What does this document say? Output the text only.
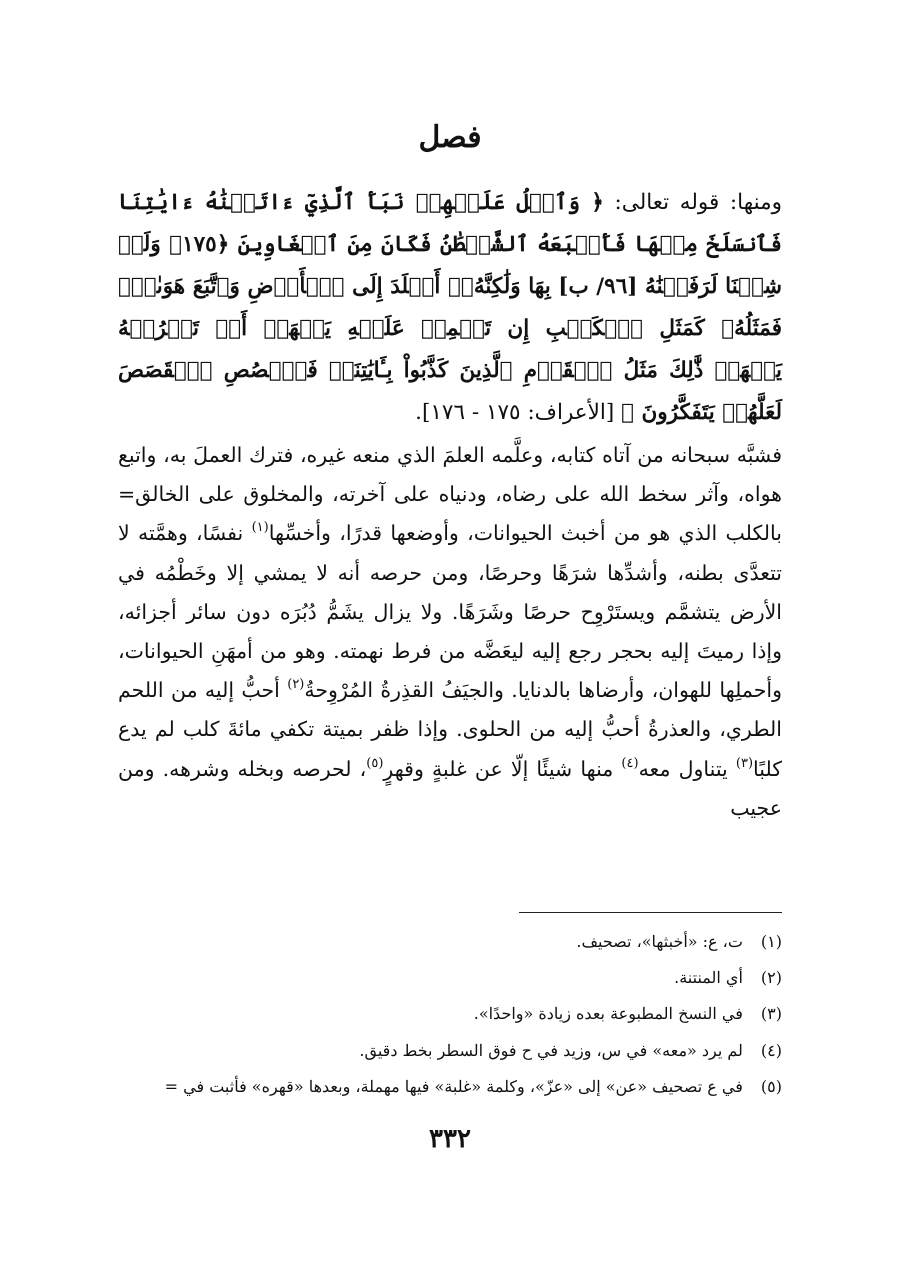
فصل
ومنها: قوله تعالى: ﴿ وَٱتۡلُ عَلَيۡهِمۡ نَبَأَ ٱلَّذِيٓ ءَاتَيۡنَٰهُ ءَايَٰتِنَا فَٱنسَلَخَ مِنۡهَا فَأَتۡبَعَهُ ٱلشَّيۡطَٰنُ فَكَانَ مِنَ ٱلۡغَاوِينَ ﴿١٧٥﴾ وَلَوۡ شِئۡنَا لَرَفَعۡنَٰهُ [٩٦/ ب] بِهَا وَلَٰكِنَّهُۥٓ أَخۡلَدَ إِلَى ٱلۡأَرۡضِ وَٱتَّبَعَ هَوَىٰهُۚ فَمَثَلُهُۥ كَمَثَلِ ٱلۡكَلۡبِ إِن تَحۡمِلۡ عَلَيۡهِ يَلۡهَثۡ أَوۡ تَتۡرُكۡهُ يَلۡهَثۚ ذَّٰلِكَ مَثَلُ ٱلۡقَوۡمِ ٱلَّذِينَ كَذَّبُواْ بِـَٔايَٰتِنَاۚ فَٱقۡصُصِ ٱلۡقَصَصَ لَعَلَّهُمۡ يَتَفَكَّرُونَ ﴾ [الأعراف: ١٧٥ - ١٧٦].

فشبَّه سبحانه من آتاه كتابه، وعلَّمه العلمَ الذي منعه غيره، فترك العملَ به، واتبع هواه، وآثر سخط الله على رضاه، ودنياه على آخرته، والمخلوق على الخالق= بالكلب الذي هو من أخبث الحيوانات، وأوضعها قدرًا، وأخسِّها$^{(١)}$ نفسًا، وهمَّته لا تتعدَّى بطنه، وأشدِّها شرَهًا وحرصًا، ومن حرصه أنه لا يمشي إلا وخَطْمُه في الأرض يتشمَّم ويستَرْوِح حرصًا وشَرَهًا. ولا يزال يشَمُّ دُبُرَه دون سائر أجزائه، وإذا رميتَ إليه بحجر رجع إليه ليعَضَّه من فرط نهمته. وهو من أمهَنِ الحيوانات، وأحملِها للهوان، وأرضاها بالدنايا. والجيَفُ القذِرةُ المُرْوِحةُ$^{(٢)}$ أحبُّ إليه من اللحم الطري، والعذرةُ أحبُّ إليه من الحلوى. وإذا ظفر بميتة تكفي مائةَ كلب لم يدع كلبًا$^{(٣)}$ يتناول معه$^{(٤)}$ منها شيئًا إلّا عن غلبةٍ وقهرٍ$^{(٥)}$، لحرصه وبخله وشرهه. ومن عجيب

(١) ت، ع: «أخبثها»، تصحيف.
(٢) أي المنتنة.
(٣) في النسخ المطبوعة بعده زيادة «واحدًا».
(٤) لم يرد «معه» في س، وزيد في ح فوق السطر بخط دقيق.
(٥) في ع تصحيف «عن» إلى «عزّ»، وكلمة «غلبة» فيها مهملة، وبعدها «قهره» فأثبت في =
٣٣٢
